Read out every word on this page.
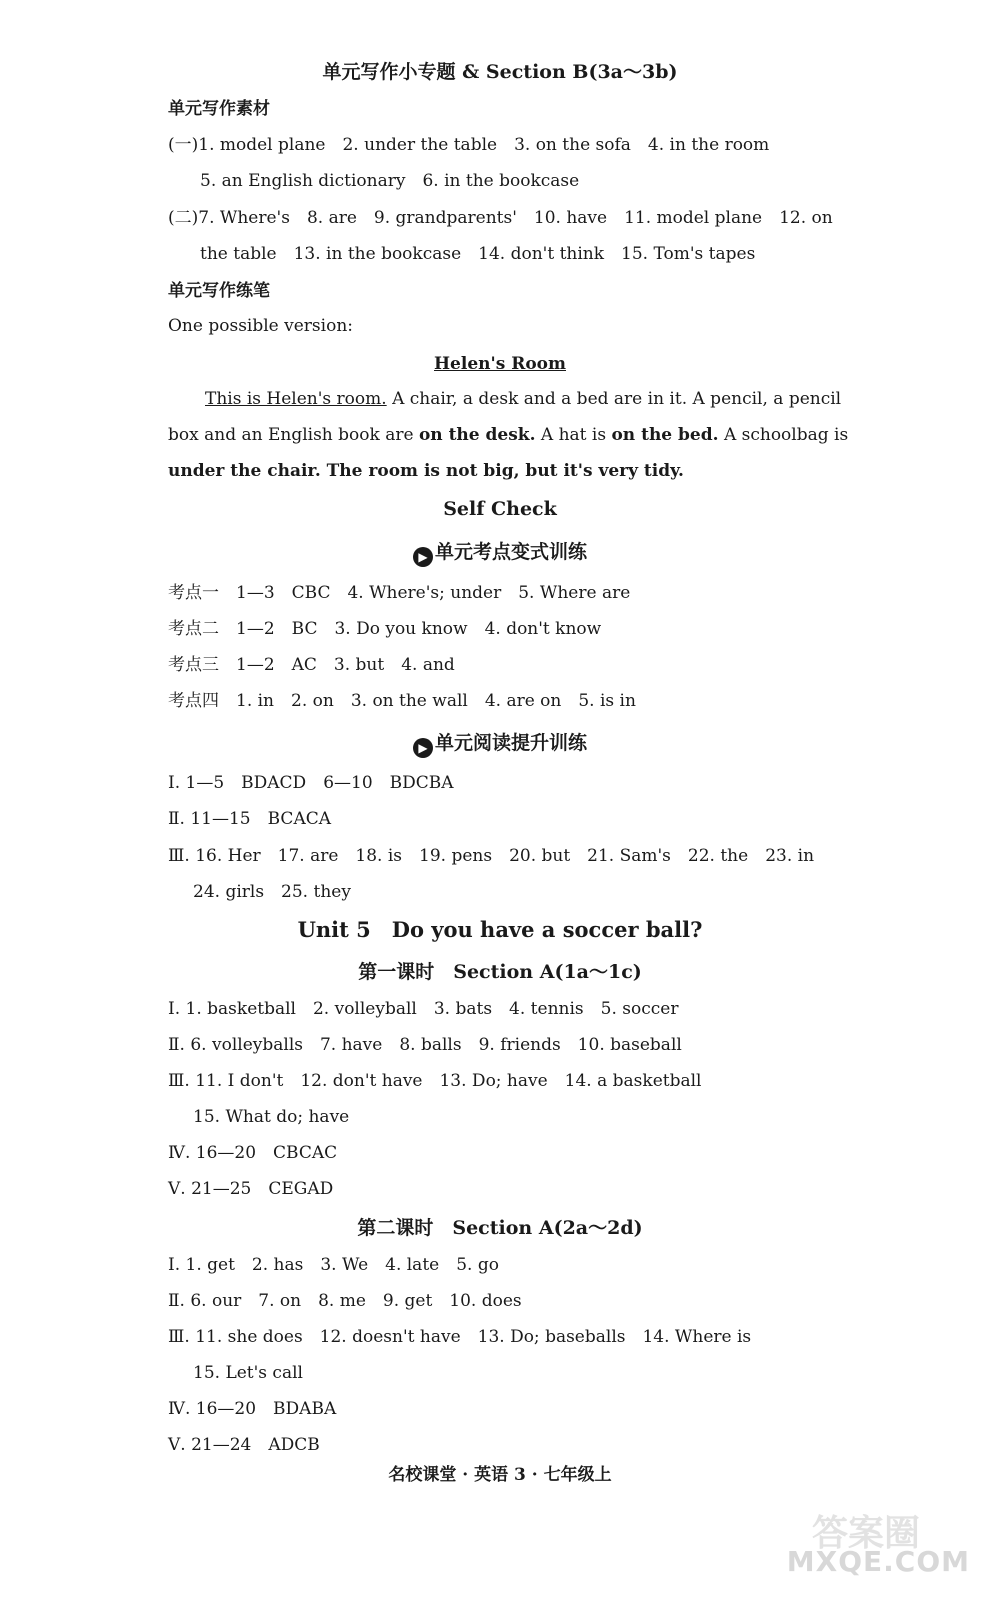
单元写作小专题 & Section B(3a～3b)
单元写作素材
(一)1. model plane　2. under the table　3. on the sofa　4. in the room
5. an English dictionary　6. in the bookcase
(二)7. Where's　8. are　9. grandparents'　10. have　11. model plane　12. on
the table　13. in the bookcase　14. don't think　15. Tom's tapes
单元写作练笔
One possible version:
Helen's Room
This is Helen's room. A chair, a desk and a bed are in it. A pencil, a pencil
box and an English book are on the desk. A hat is on the bed. A schoolbag is
under the chair. The room is not big, but it's very tidy.
Self Check
▶ 单元考点变式训练
考点一　1—3　CBC　4. Where's; under　5. Where are
考点二　1—2　BC　3. Do you know　4. don't know
考点三　1—2　AC　3. but　4. and
考点四　1. in　2. on　3. on the wall　4. are on　5. is in
▶ 单元阅读提升训练
Ⅰ. 1—5　BDACD　6—10　BDCBA
Ⅱ. 11—15　BCACA
Ⅲ. 16. Her　17. are　18. is　19. pens　20. but　21. Sam's　22. the　23. in
24. girls　25. they
Unit 5　Do you have a soccer ball?
第一课时　Section A(1a～1c)
Ⅰ. 1. basketball　2. volleyball　3. bats　4. tennis　5. soccer
Ⅱ. 6. volleyballs　7. have　8. balls　9. friends　10. baseball
Ⅲ. 11. I don't　12. don't have　13. Do; have　14. a basketball
15. What do; have
Ⅳ. 16—20　CBCAC
Ⅴ. 21—25　CEGAD
第二课时　Section A(2a～2d)
Ⅰ. 1. get　2. has　3. We　4. late　5. go
Ⅱ. 6. our　7. on　8. me　9. get　10. does
Ⅲ. 11. she does　12. doesn't have　13. Do; baseballs　14. Where is
15. Let's call
Ⅳ. 16—20　BDABA
Ⅴ. 21—24　ADCB
名校课堂 · 英语 3 · 七年级上
答案圈
MXQE.COM
